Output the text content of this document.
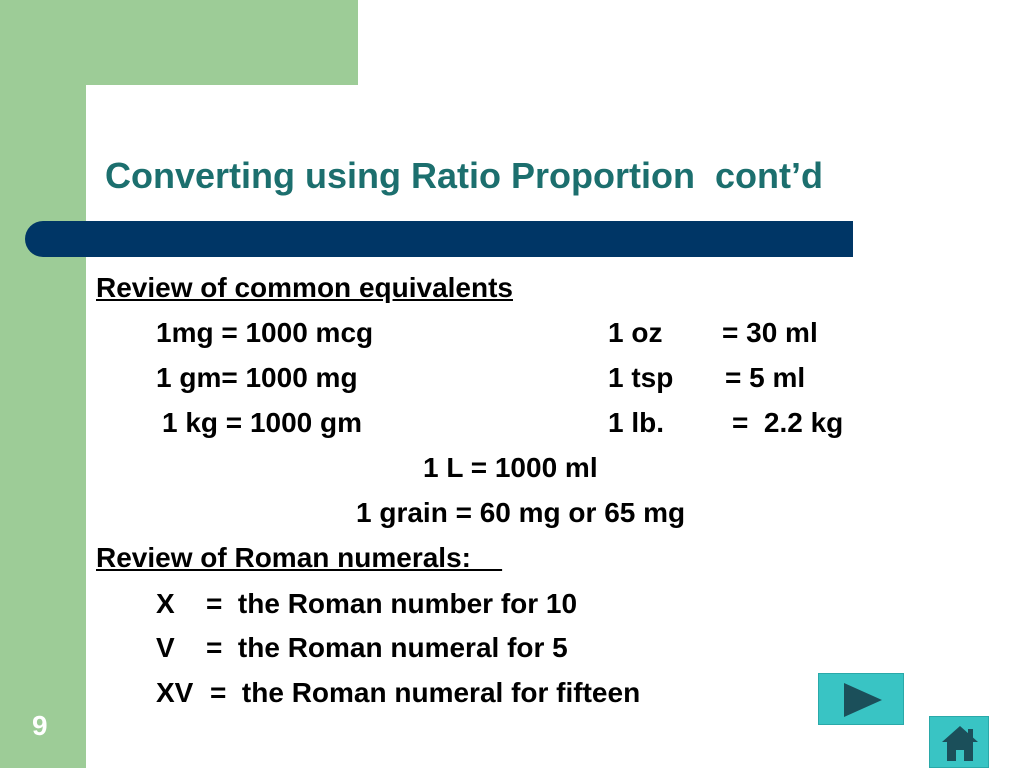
Converting using Ratio Proportion  cont’d
Review of common equivalents
1mg = 1000 mcg	1 oz = 30 ml
1 gm= 1000 mg	1 tsp = 5 ml
1 kg = 1000 gm	1 lb. =  2.2 kg
1 L = 1000 ml
1 grain = 60 mg or 65 mg
Review of Roman numerals:
X =  the Roman number for 10
V =  the Roman numeral for 5
XV =  the Roman numeral for fifteen
9
